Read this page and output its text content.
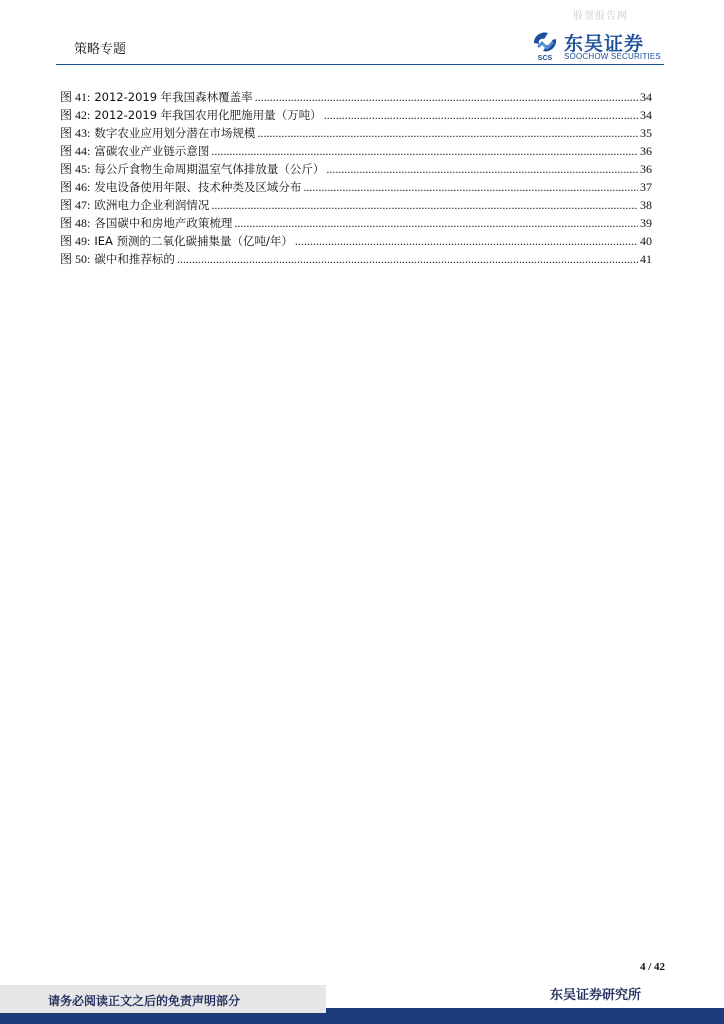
股票报告网
策略专题
SCS
东吴证券
SOOCHOW SECURITIES
图 41: 2012-2019 年我国森林覆盖率 .....	34
图 42: 2012-2019 年我国农用化肥施用量（万吨） .....	34
图 43: 数字农业应用划分潜在市场规模 .....	35
图 44: 富碳农业产业链示意图 .....	36
图 45: 每公斤食物生命周期温室气体排放量（公斤） .....	36
图 46: 发电设备使用年限、技术种类及区域分布 .....	37
图 47: 欧洲电力企业利润情况 .....	38
图 48: 各国碳中和房地产政策梳理 .....	39
图 49: IEA 预测的二氧化碳捕集量（亿吨/年） .....	40
图 50: 碳中和推荐标的 .....	41
4 / 42
请务必阅读正文之后的免责声明部分	东吴证券研究所
